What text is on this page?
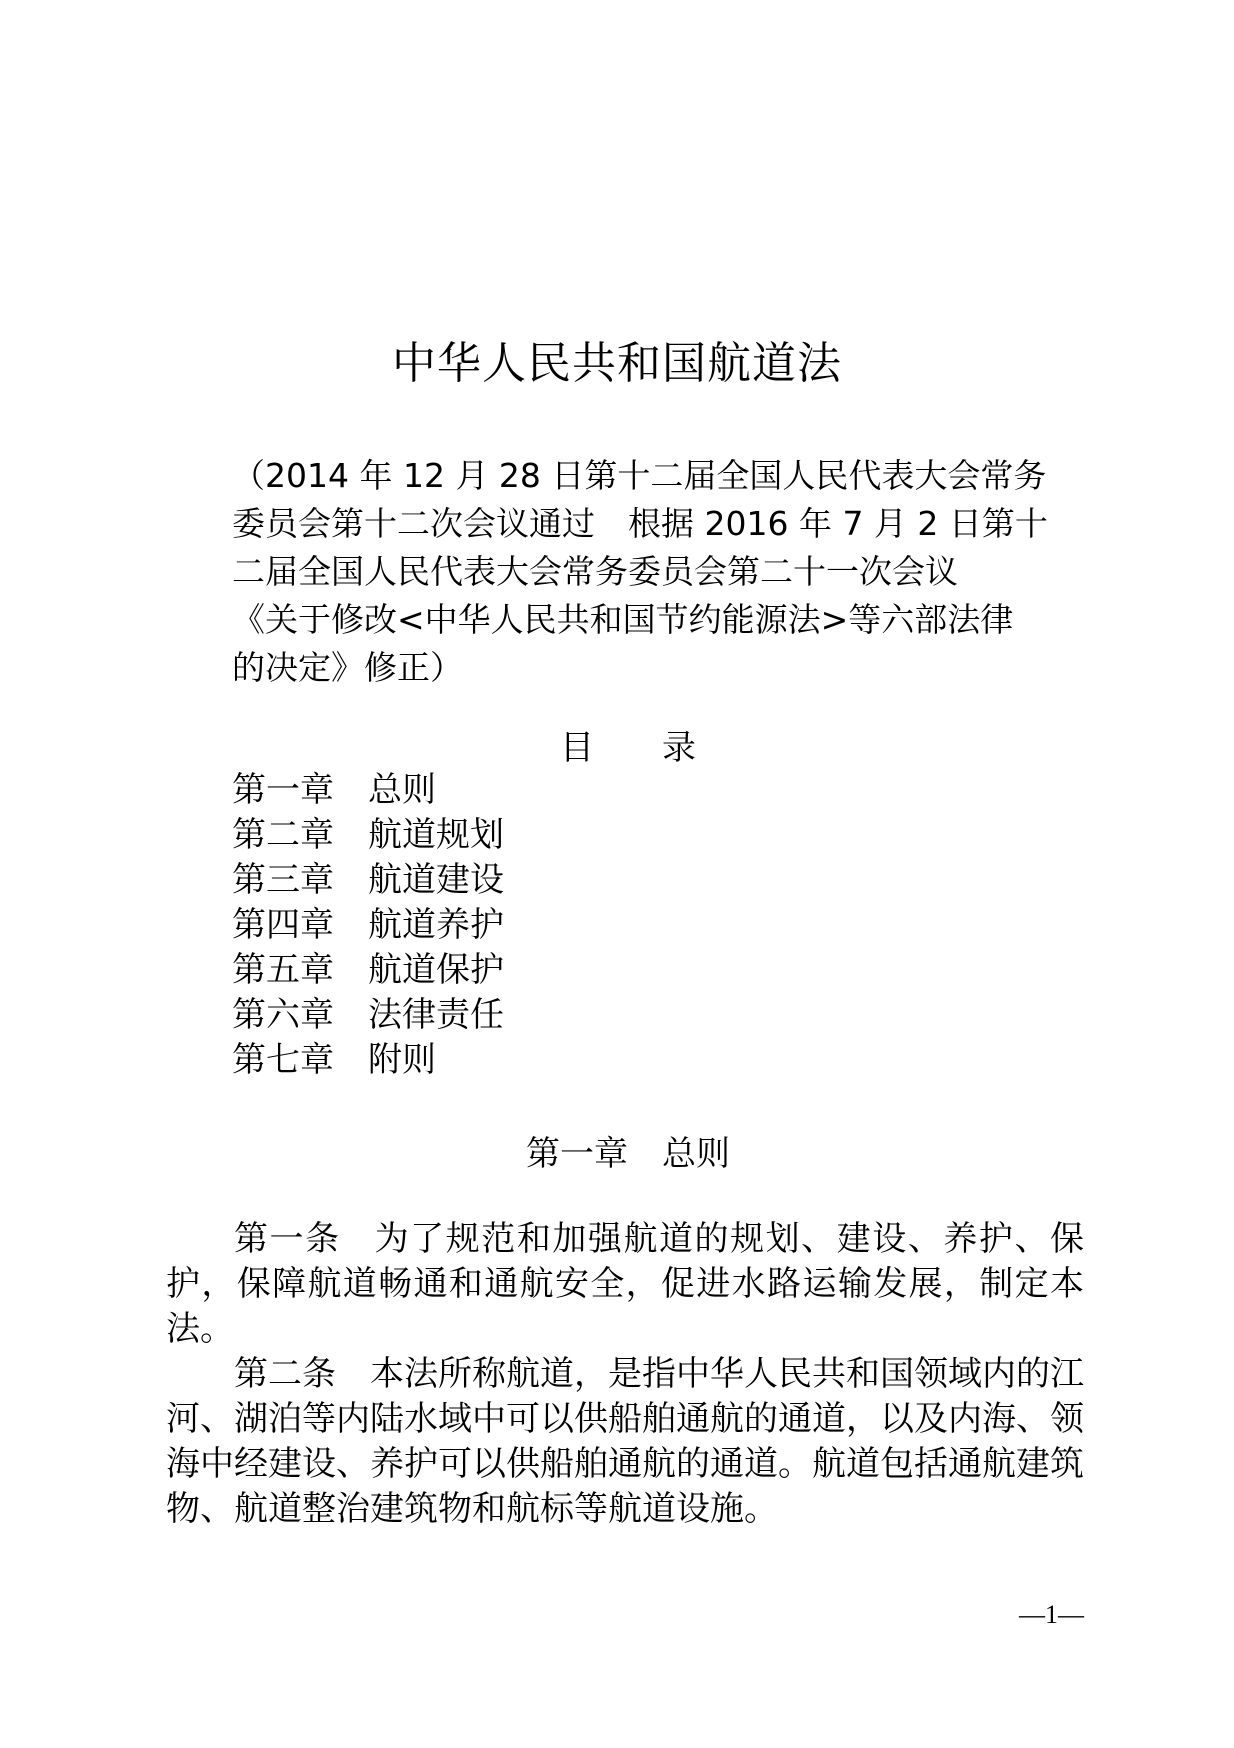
中华人民共和国航道法
（2014 年 12 月 28 日第十二届全国人民代表大会常务
委员会第十二次会议通过　根据 2016 年 7 月 2 日第十
二届全国人民代表大会常务委员会第二十一次会议
《关于修改<中华人民共和国节约能源法>等六部法律
的决定》修正）
目 录
第一章 总则
第二章 航道规划
第三章 航道建设
第四章 航道养护
第五章 航道保护
第六章 法律责任
第七章 附则
第一章 总则

第一条 为了规范和加强航道的规划、建设、养护、保护，保障航道畅通和通航安全，促进水路运输发展，制定本法。

第二条 本法所称航道，是指中华人民共和国领域内的江河、湖泊等内陆水域中可以供船舶通航的通道，以及内海、领海中经建设、养护可以供船舶通航的通道。航道包括通航建筑物、航道整治建筑物和航标等航道设施。

—1—
